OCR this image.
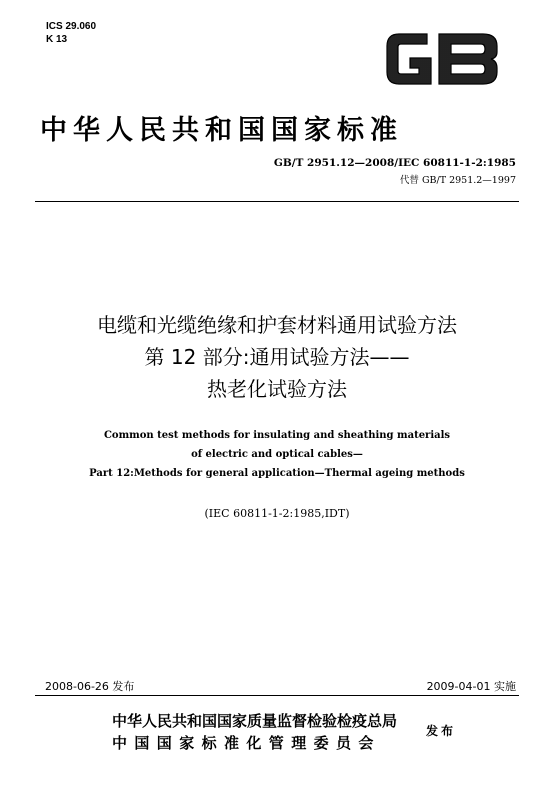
ICS 29.060
K 13
中华人民共和国国家标准
GB/T 2951.12—2008/IEC 60811-1-2:1985
代替 GB/T 2951.2—1997
电缆和光缆绝缘和护套材料通用试验方法
第 12 部分:通用试验方法——
热老化试验方法
Common test methods for insulating and sheathing materials
of electric and optical cables—
Part 12:Methods for general application—Thermal ageing methods
(IEC 60811-1-2:1985,IDT)
2008-06-26 发布	2009-04-01 实施
中华人民共和国国家质量监督检验检疫总局
中国国家标准化管理委员会
发布
